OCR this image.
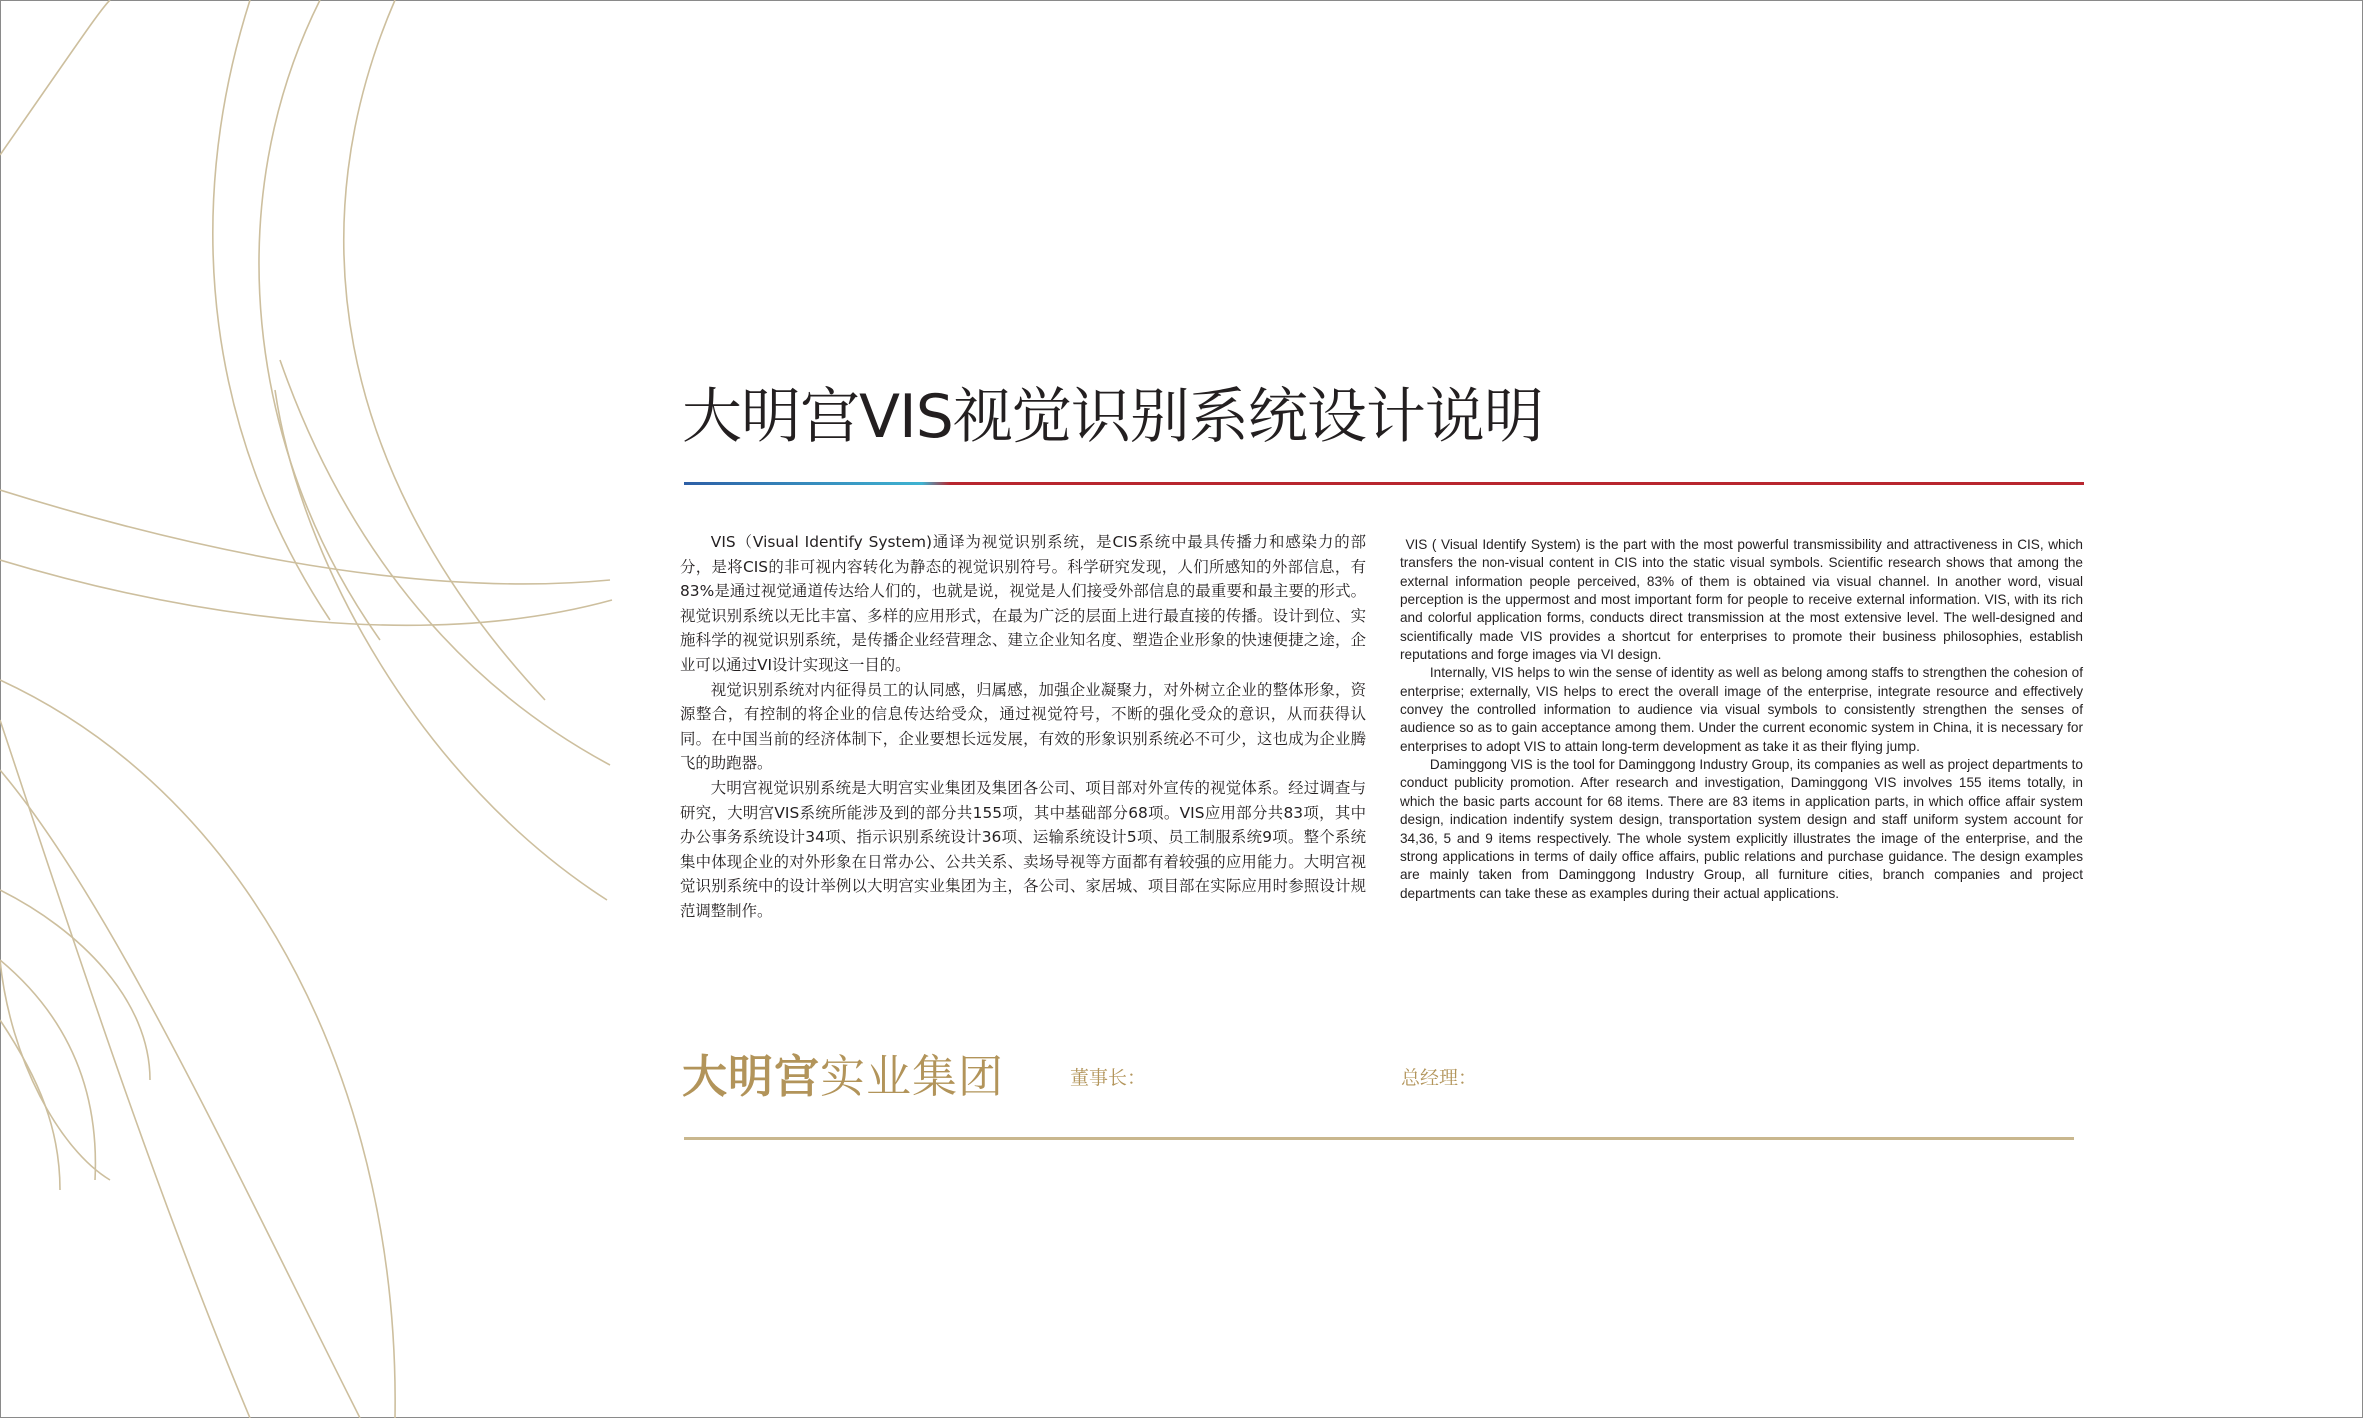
大明宫VIS视觉识别系统设计说明

VIS（Visual Identify System)通译为视觉识别系统，是CIS系统中最具传播力和感染力的部分，是将CIS的非可视内容转化为静态的视觉识别符号。科学研究发现，人们所感知的外部信息，有83%是通过视觉通道传达给人们的，也就是说，视觉是人们接受外部信息的最重要和最主要的形式。视觉识别系统以无比丰富、多样的应用形式，在最为广泛的层面上进行最直接的传播。设计到位、实施科学的视觉识别系统，是传播企业经营理念、建立企业知名度、塑造企业形象的快速便捷之途，企业可以通过VI设计实现这一目的。

视觉识别系统对内征得员工的认同感，归属感，加强企业凝聚力，对外树立企业的整体形象，资源整合，有控制的将企业的信息传达给受众，通过视觉符号，不断的强化受众的意识，从而获得认同。在中国当前的经济体制下，企业要想长远发展，有效的形象识别系统必不可少，这也成为企业腾飞的助跑器。

大明宫视觉识别系统是大明宫实业集团及集团各公司、项目部对外宣传的视觉体系。经过调查与研究，大明宫VIS系统所能涉及到的部分共155项，其中基础部分68项。VIS应用部分共83项，其中办公事务系统设计34项、指示识别系统设计36项、运输系统设计5项、员工制服系统9项。整个系统集中体现企业的对外形象在日常办公、公共关系、卖场导视等方面都有着较强的应用能力。大明宫视觉识别系统中的设计举例以大明宫实业集团为主，各公司、家居城、项目部在实际应用时参照设计规范调整制作。

VIS ( Visual Identify System) is the part with the most powerful transmissibility and attractiveness in CIS, which transfers the non-visual content in CIS into the static visual symbols. Scientific research shows that among the external information people perceived, 83% of them is obtained via visual channel. In another word, visual perception is the uppermost and most important form for people to receive external information. VIS, with its rich and colorful application forms, conducts direct transmission at the most extensive level. The well-designed and scientifically made VIS provides a shortcut for enterprises to promote their business philosophies, establish reputations and forge images via VI design.

Internally, VIS helps to win the sense of identity as well as belong among staffs to strengthen the cohesion of enterprise; externally, VIS helps to erect the overall image of the enterprise, integrate resource and effectively convey the controlled information to audience via visual symbols to consistently strengthen the senses of audience so as to gain acceptance among them. Under the current economic system in China, it is necessary for enterprises to adopt VIS to attain long-term development as take it as their flying jump.

Daminggong VIS is the tool for Daminggong Industry Group, its companies as well as project departments to conduct publicity promotion. After research and investigation, Daminggong VIS involves 155 items totally, in which the basic parts account for 68 items. There are 83 items in application parts, in which office affair system design, indication indentify system design, transportation system design and staff uniform system account for 34,36, 5 and 9 items respectively. The whole system explicitly illustrates the image of the enterprise, and the strong applications in terms of daily office affairs, public relations and purchase guidance. The design examples are mainly taken from Daminggong Industry Group, all furniture cities, branch companies and project departments can take these as examples during their actual applications.

大明宫实业集团	董事长：	总经理：
